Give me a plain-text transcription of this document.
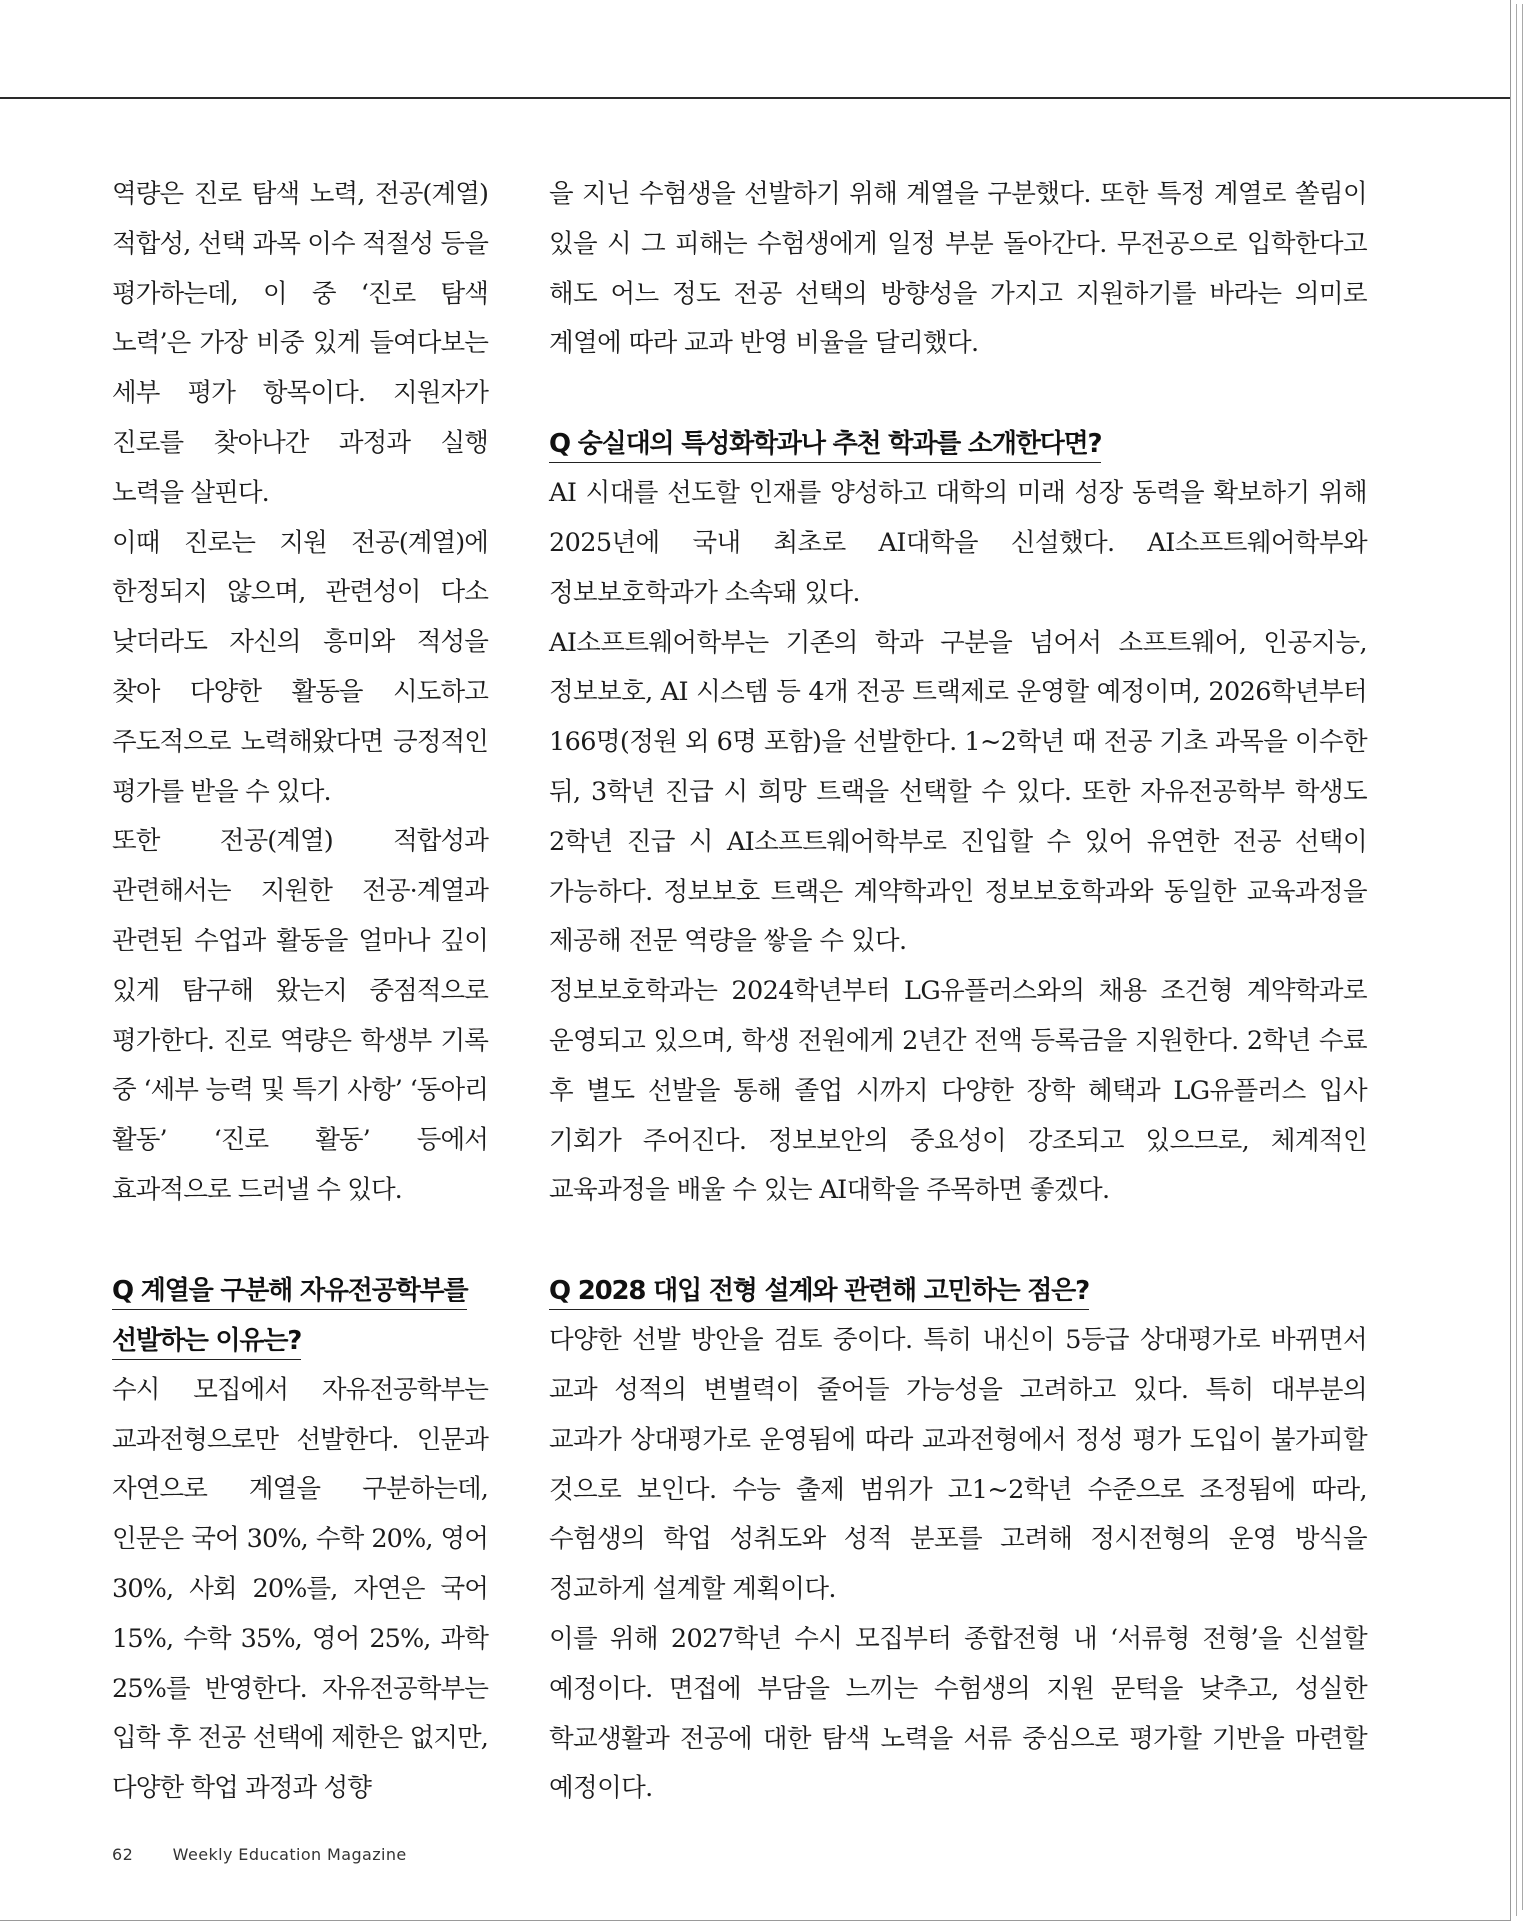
역량은 진로 탐색 노력, 전공(계열) 적합성, 선택 과목 이수 적절성 등을 평가하는데, 이 중 ‘진로 탐색 노력’은 가장 비중 있게 들여다보는 세부 평가 항목이다. 지원자가 진로를 찾아나간 과정과 실행 노력을 살핀다.

이때 진로는 지원 전공(계열)에 한정되지 않으며, 관련성이 다소 낮더라도 자신의 흥미와 적성을 찾아 다양한 활동을 시도하고 주도적으로 노력해왔다면 긍정적인 평가를 받을 수 있다.

또한 전공(계열) 적합성과 관련해서는 지원한 전공·계열과 관련된 수업과 활동을 얼마나 깊이 있게 탐구해 왔는지 중점적으로 평가한다. 진로 역량은 학생부 기록 중 ‘세부 능력 및 특기 사항’ ‘동아리 활동’ ‘진로 활동’ 등에서 효과적으로 드러낼 수 있다.

Q 계열을 구분해 자유전공학부를 선발하는 이유는?

수시 모집에서 자유전공학부는 교과전형으로만 선발한다. 인문과 자연으로 계열을 구분하는데, 인문은 국어 30%, 수학 20%, 영어 30%, 사회 20%를, 자연은 국어 15%, 수학 35%, 영어 25%, 과학 25%를 반영한다. 자유전공학부는 입학 후 전공 선택에 제한은 없지만, 다양한 학업 과정과 성향

을 지닌 수험생을 선발하기 위해 계열을 구분했다. 또한 특정 계열로 쏠림이 있을 시 그 피해는 수험생에게 일정 부분 돌아간다. 무전공으로 입학한다고 해도 어느 정도 전공 선택의 방향성을 가지고 지원하기를 바라는 의미로 계열에 따라 교과 반영 비율을 달리했다.

Q 숭실대의 특성화학과나 추천 학과를 소개한다면?

AI 시대를 선도할 인재를 양성하고 대학의 미래 성장 동력을 확보하기 위해 2025년에 국내 최초로 AI대학을 신설했다. AI소프트웨어학부와 정보보호학과가 소속돼 있다.

AI소프트웨어학부는 기존의 학과 구분을 넘어서 소프트웨어, 인공지능, 정보보호, AI 시스템 등 4개 전공 트랙제로 운영할 예정이며, 2026학년부터 166명(정원 외 6명 포함)을 선발한다. 1~2학년 때 전공 기초 과목을 이수한 뒤, 3학년 진급 시 희망 트랙을 선택할 수 있다. 또한 자유전공학부 학생도 2학년 진급 시 AI소프트웨어학부로 진입할 수 있어 유연한 전공 선택이 가능하다. 정보보호 트랙은 계약학과인 정보보호학과와 동일한 교육과정을 제공해 전문 역량을 쌓을 수 있다.

정보보호학과는 2024학년부터 LG유플러스와의 채용 조건형 계약학과로 운영되고 있으며, 학생 전원에게 2년간 전액 등록금을 지원한다. 2학년 수료 후 별도 선발을 통해 졸업 시까지 다양한 장학 혜택과 LG유플러스 입사 기회가 주어진다. 정보보안의 중요성이 강조되고 있으므로, 체계적인 교육과정을 배울 수 있는 AI대학을 주목하면 좋겠다.

Q 2028 대입 전형 설계와 관련해 고민하는 점은?

다양한 선발 방안을 검토 중이다. 특히 내신이 5등급 상대평가로 바뀌면서 교과 성적의 변별력이 줄어들 가능성을 고려하고 있다. 특히 대부분의 교과가 상대평가로 운영됨에 따라 교과전형에서 정성 평가 도입이 불가피할 것으로 보인다. 수능 출제 범위가 고1~2학년 수준으로 조정됨에 따라, 수험생의 학업 성취도와 성적 분포를 고려해 정시전형의 운영 방식을 정교하게 설계할 계획이다.

이를 위해 2027학년 수시 모집부터 종합전형 내 ‘서류형 전형’을 신설할 예정이다. 면접에 부담을 느끼는 수험생의 지원 문턱을 낮추고, 성실한 학교생활과 전공에 대한 탐색 노력을 서류 중심으로 평가할 기반을 마련할 예정이다.

62 Weekly Education Magazine
